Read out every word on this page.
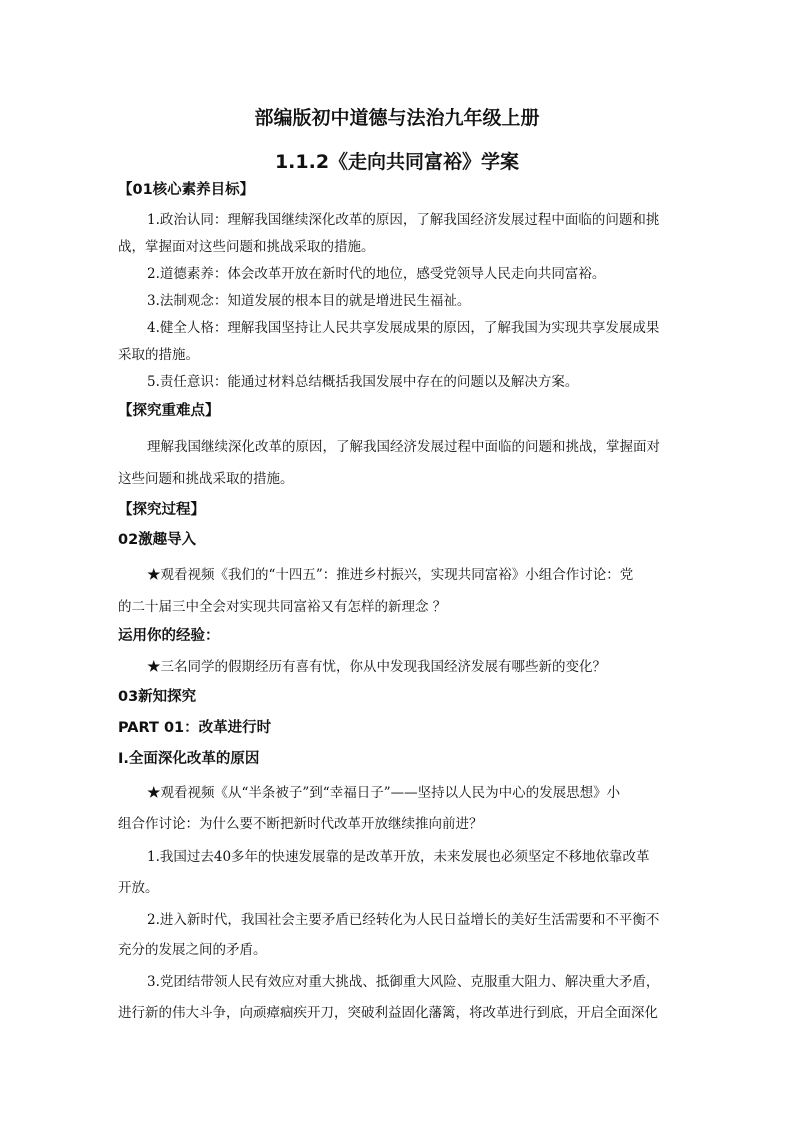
部编版初中道德与法治九年级上册
1.1.2《走向共同富裕》学案
【01核心素养目标】
1.政治认同：理解我国继续深化改革的原因，了解我国经济发展过程中面临的问题和挑
战，掌握面对这些问题和挑战采取的措施。
2.道德素养：体会改革开放在新时代的地位，感受党领导人民走向共同富裕。
3.法制观念：知道发展的根本目的就是增进民生福祉。
4.健全人格：理解我国坚持让人民共享发展成果的原因，了解我国为实现共享发展成果
采取的措施。
5.责任意识：能通过材料总结概括我国发展中存在的问题以及解决方案。
【探究重难点】
理解我国继续深化改革的原因，了解我国经济发展过程中面临的问题和挑战，掌握面对
这些问题和挑战采取的措施。
【探究过程】
02激趣导入
★观看视频《我们的“十四五”：推进乡村振兴，实现共同富裕》小组合作讨论：党
的二十届三中全会对实现共同富裕又有怎样的新理念 ？
运用你的经验：
★三名同学的假期经历有喜有忧，你从中发现我国经济发展有哪些新的变化？
03新知探究
PART 01：改革进行时
Ⅰ.全面深化改革的原因
★观看视频《从“半条被子”到“幸福日子”——坚持以人民为中心的发展思想》小
组合作讨论：为什么要不断把新时代改革开放继续推向前进？
1.我国过去40多年的快速发展靠的是改革开放，未来发展也必须坚定不移地依靠改革
开放。
2.进入新时代，我国社会主要矛盾已经转化为人民日益增长的美好生活需要和不平衡不
充分的发展之间的矛盾。
3.党团结带领人民有效应对重大挑战、抵御重大风险、克服重大阻力、解决重大矛盾，
进行新的伟大斗争，向顽瘴痼疾开刀，突破利益固化藩篱，将改革进行到底，开启全面深化
